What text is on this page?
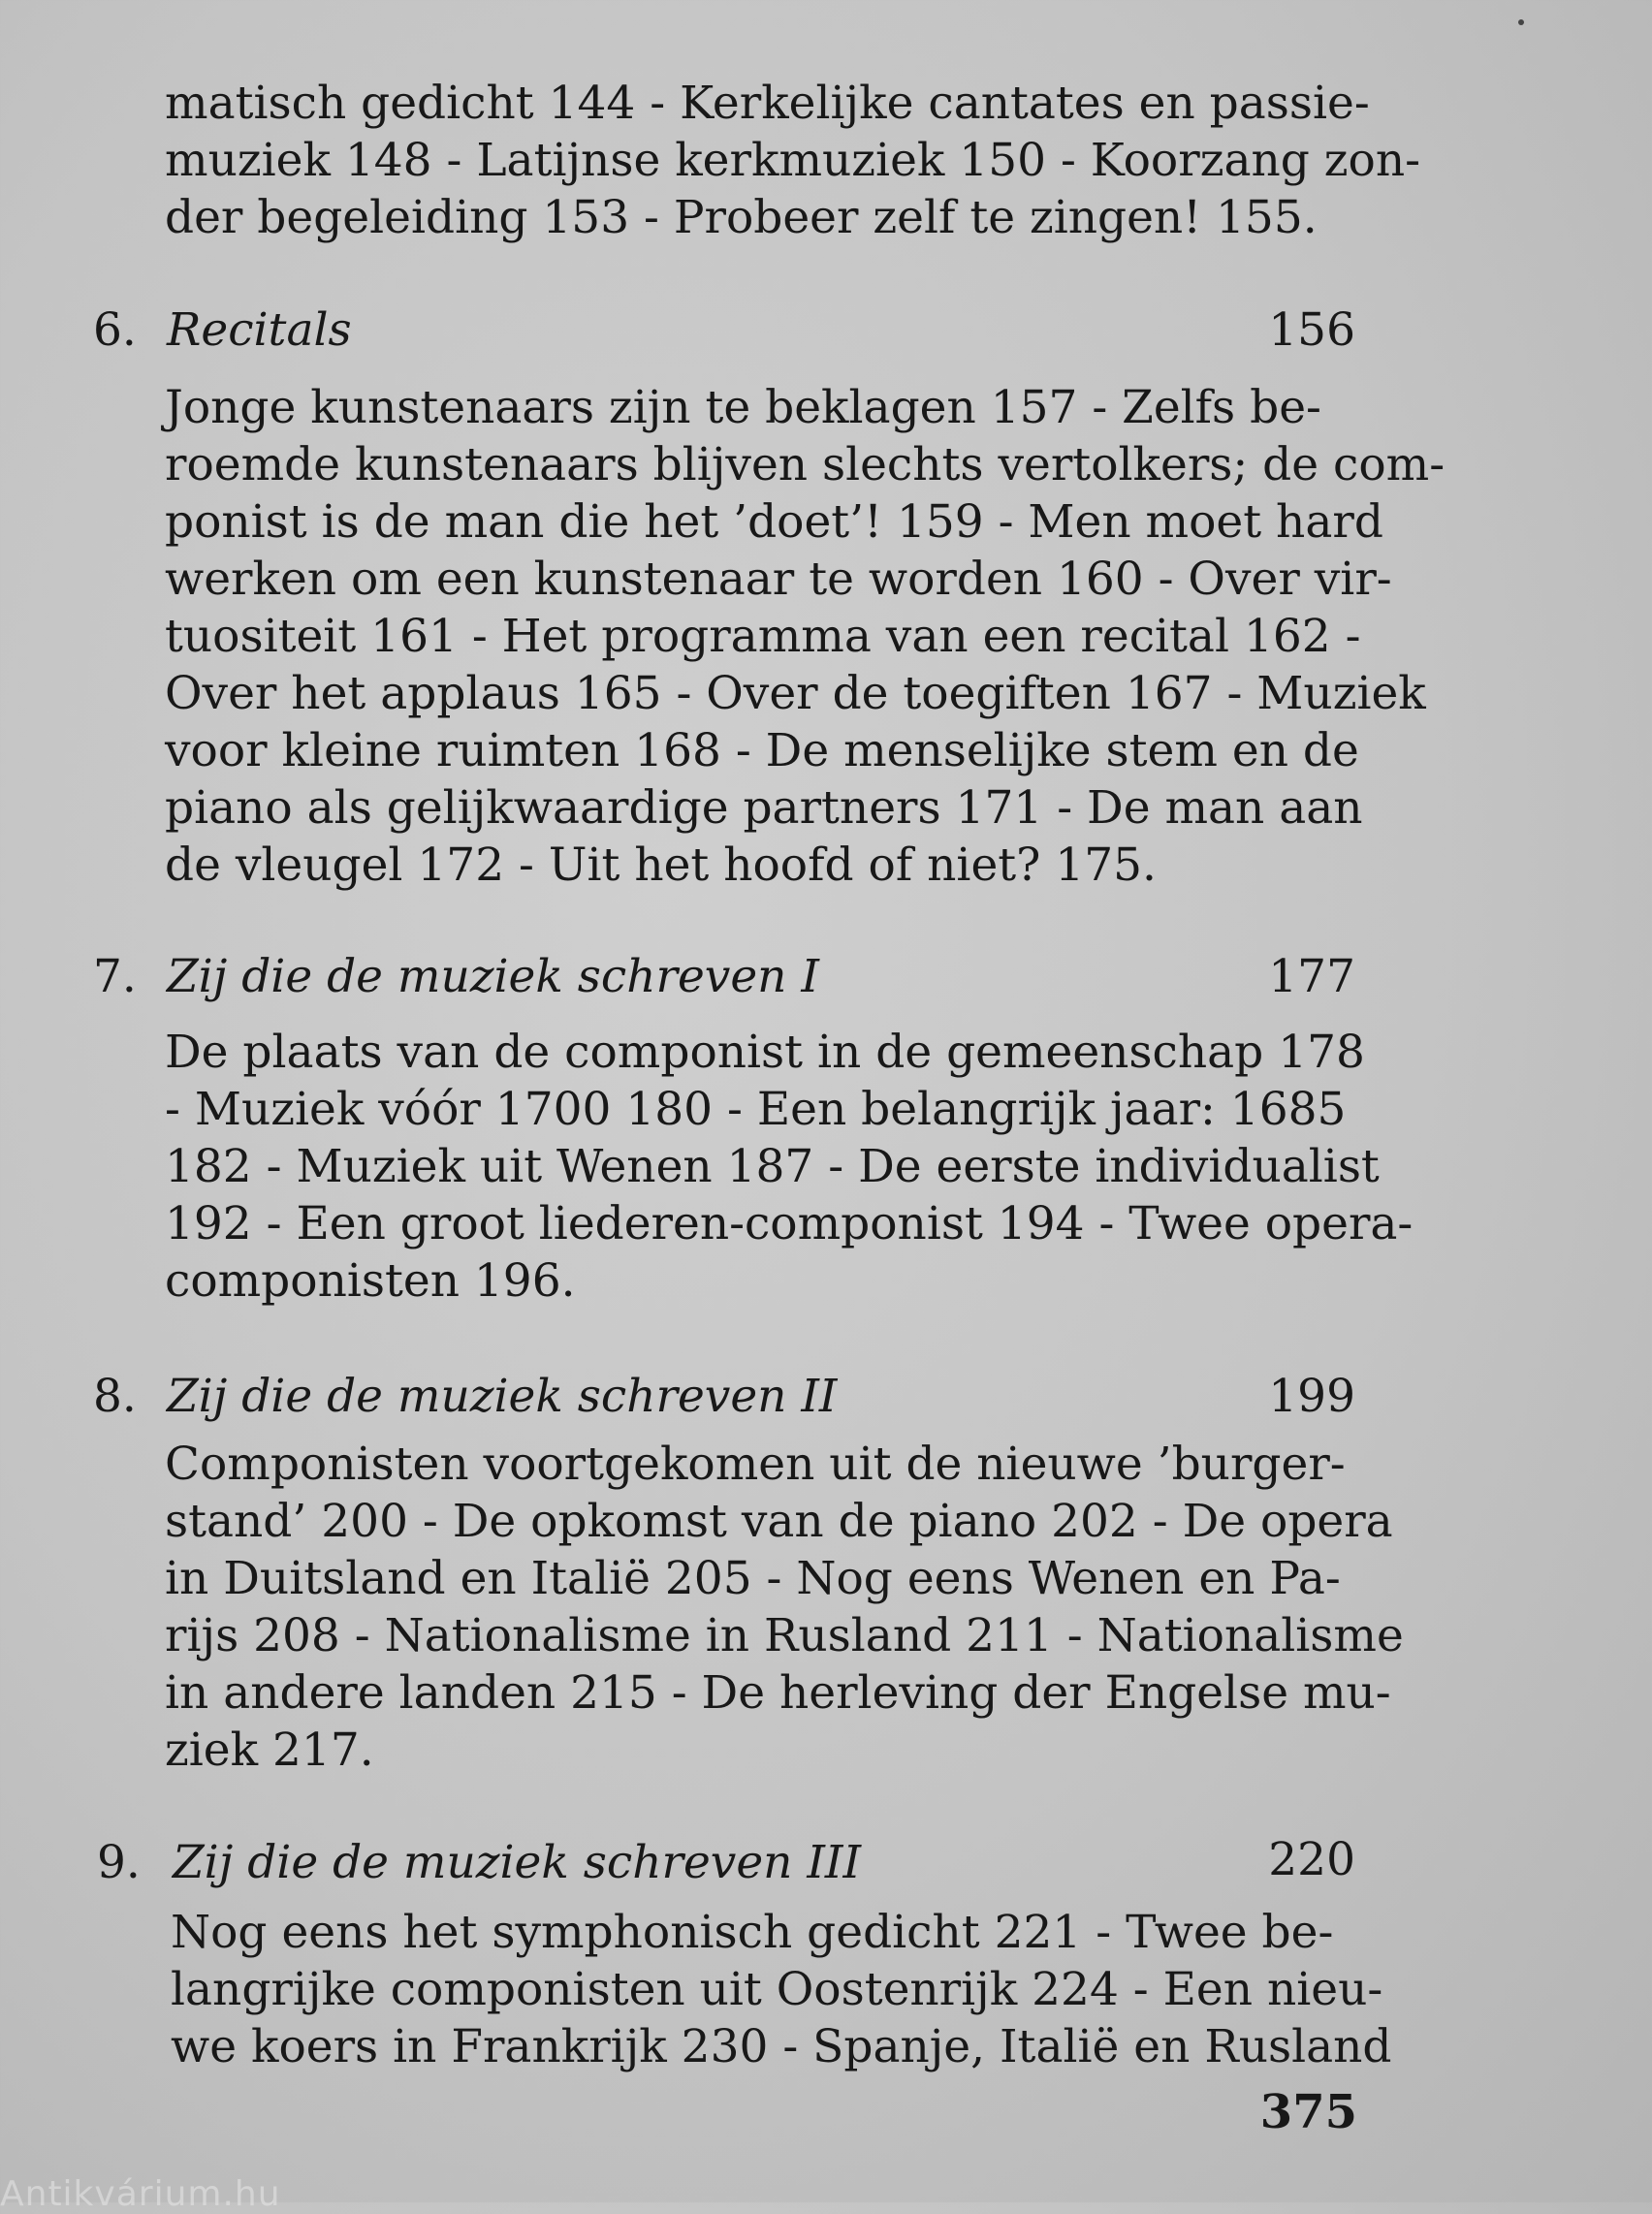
matisch gedicht 144 - Kerkelijke cantates en passie-
muziek 148 - Latijnse kerkmuziek 150 - Koorzang zon-
der begeleiding 153 - Probeer zelf te zingen! 155.
6. Recitals	156
Jonge kunstenaars zijn te beklagen 157 - Zelfs be-
roemde kunstenaars blijven slechts vertolkers; de com-
ponist is de man die het ’doet’! 159 - Men moet hard
werken om een kunstenaar te worden 160 - Over vir-
tuositeit 161 - Het programma van een recital 162 -
Over het applaus 165 - Over de toegiften 167 - Muziek
voor kleine ruimten 168 - De menselijke stem en de
piano als gelijkwaardige partners 171 - De man aan
de vleugel 172 - Uit het hoofd of niet? 175.
7. Zij die de muziek schreven I	177
De plaats van de componist in de gemeenschap 178
- Muziek vóór 1700 180 - Een belangrijk jaar: 1685
182 - Muziek uit Wenen 187 - De eerste individualist
192 - Een groot liederen-componist 194 - Twee opera-
componisten 196.
8. Zij die de muziek schreven II	199
Componisten voortgekomen uit de nieuwe ’burger-
stand’ 200 - De opkomst van de piano 202 - De opera
in Duitsland en Italië 205 - Nog eens Wenen en Pa-
rijs 208 - Nationalisme in Rusland 211 - Nationalisme
in andere landen 215 - De herleving der Engelse mu-
ziek 217.
9. Zij die de muziek schreven III	220
Nog eens het symphonisch gedicht 221 - Twee be-
langrijke componisten uit Oostenrijk 224 - Een nieu-
we koers in Frankrijk 230 - Spanje, Italië en Rusland
375
Antikvárium.hu
